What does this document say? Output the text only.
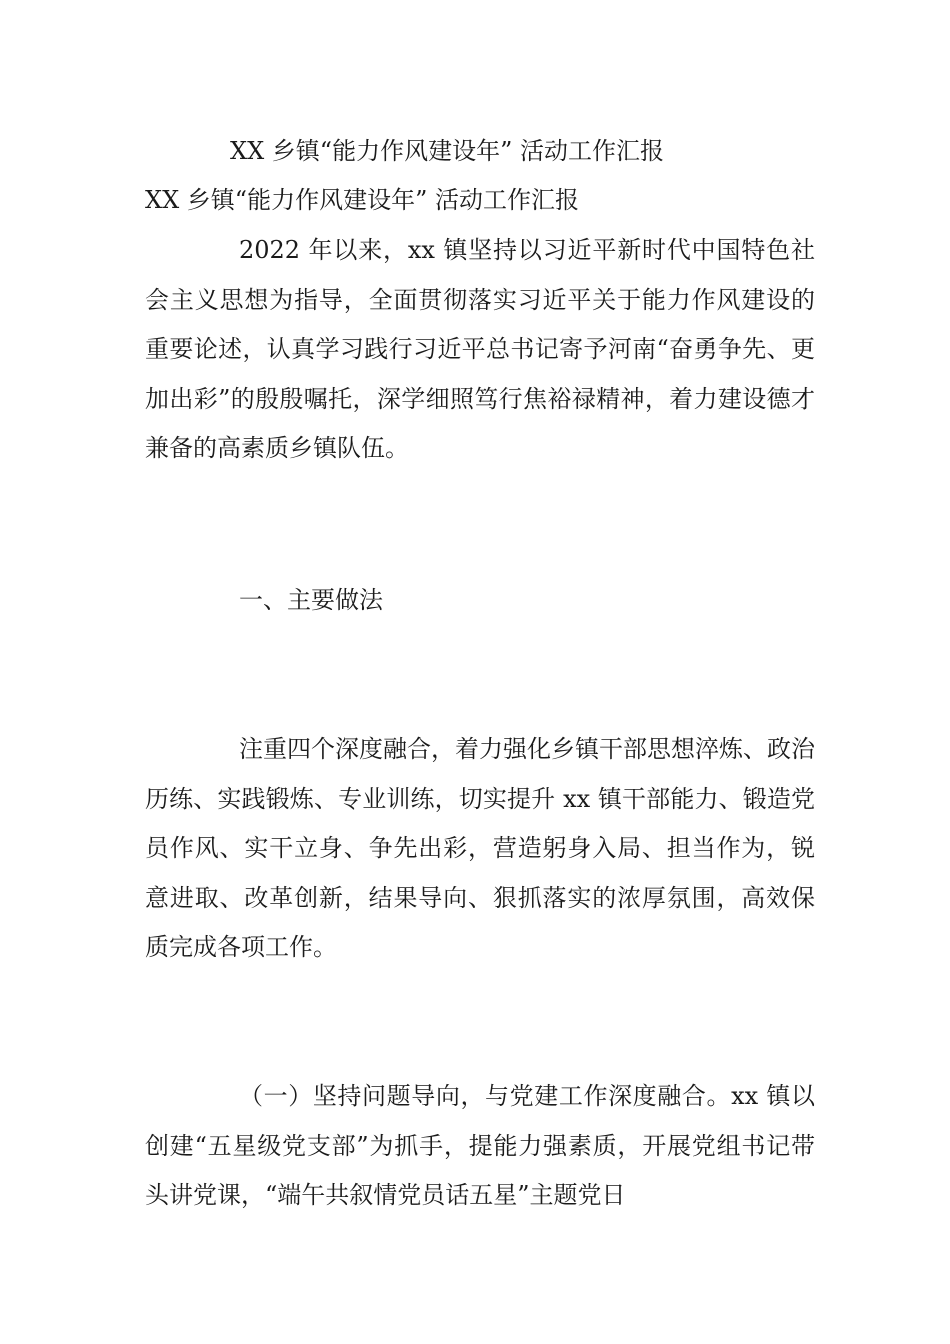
XX 乡镇“能力作风建设年” 活动工作汇报
XX 乡镇“能力作风建设年” 活动工作汇报

2022 年以来，xx 镇坚持以习近平新时代中国特色社会主义思想为指导，全面贯彻落实习近平关于能力作风建设的重要论述，认真学习践行习近平总书记寄予河南“奋勇争先、更加出彩”的殷殷嘱托，深学细照笃行焦裕禄精神，着力建设德才兼备的高素质乡镇队伍。

一、主要做法

注重四个深度融合，着力强化乡镇干部思想淬炼、政治历练、实践锻炼、专业训练，切实提升 xx 镇干部能力、锻造党员作风、实干立身、争先出彩，营造躬身入局、担当作为，锐意进取、改革创新，结果导向、狠抓落实的浓厚氛围，高效保质完成各项工作。

（一）坚持问题导向，与党建工作深度融合。xx 镇以创建“五星级党支部”为抓手，提能力强素质，开展党组书记带头讲党课，“端午共叙情党员话五星”主题党日
